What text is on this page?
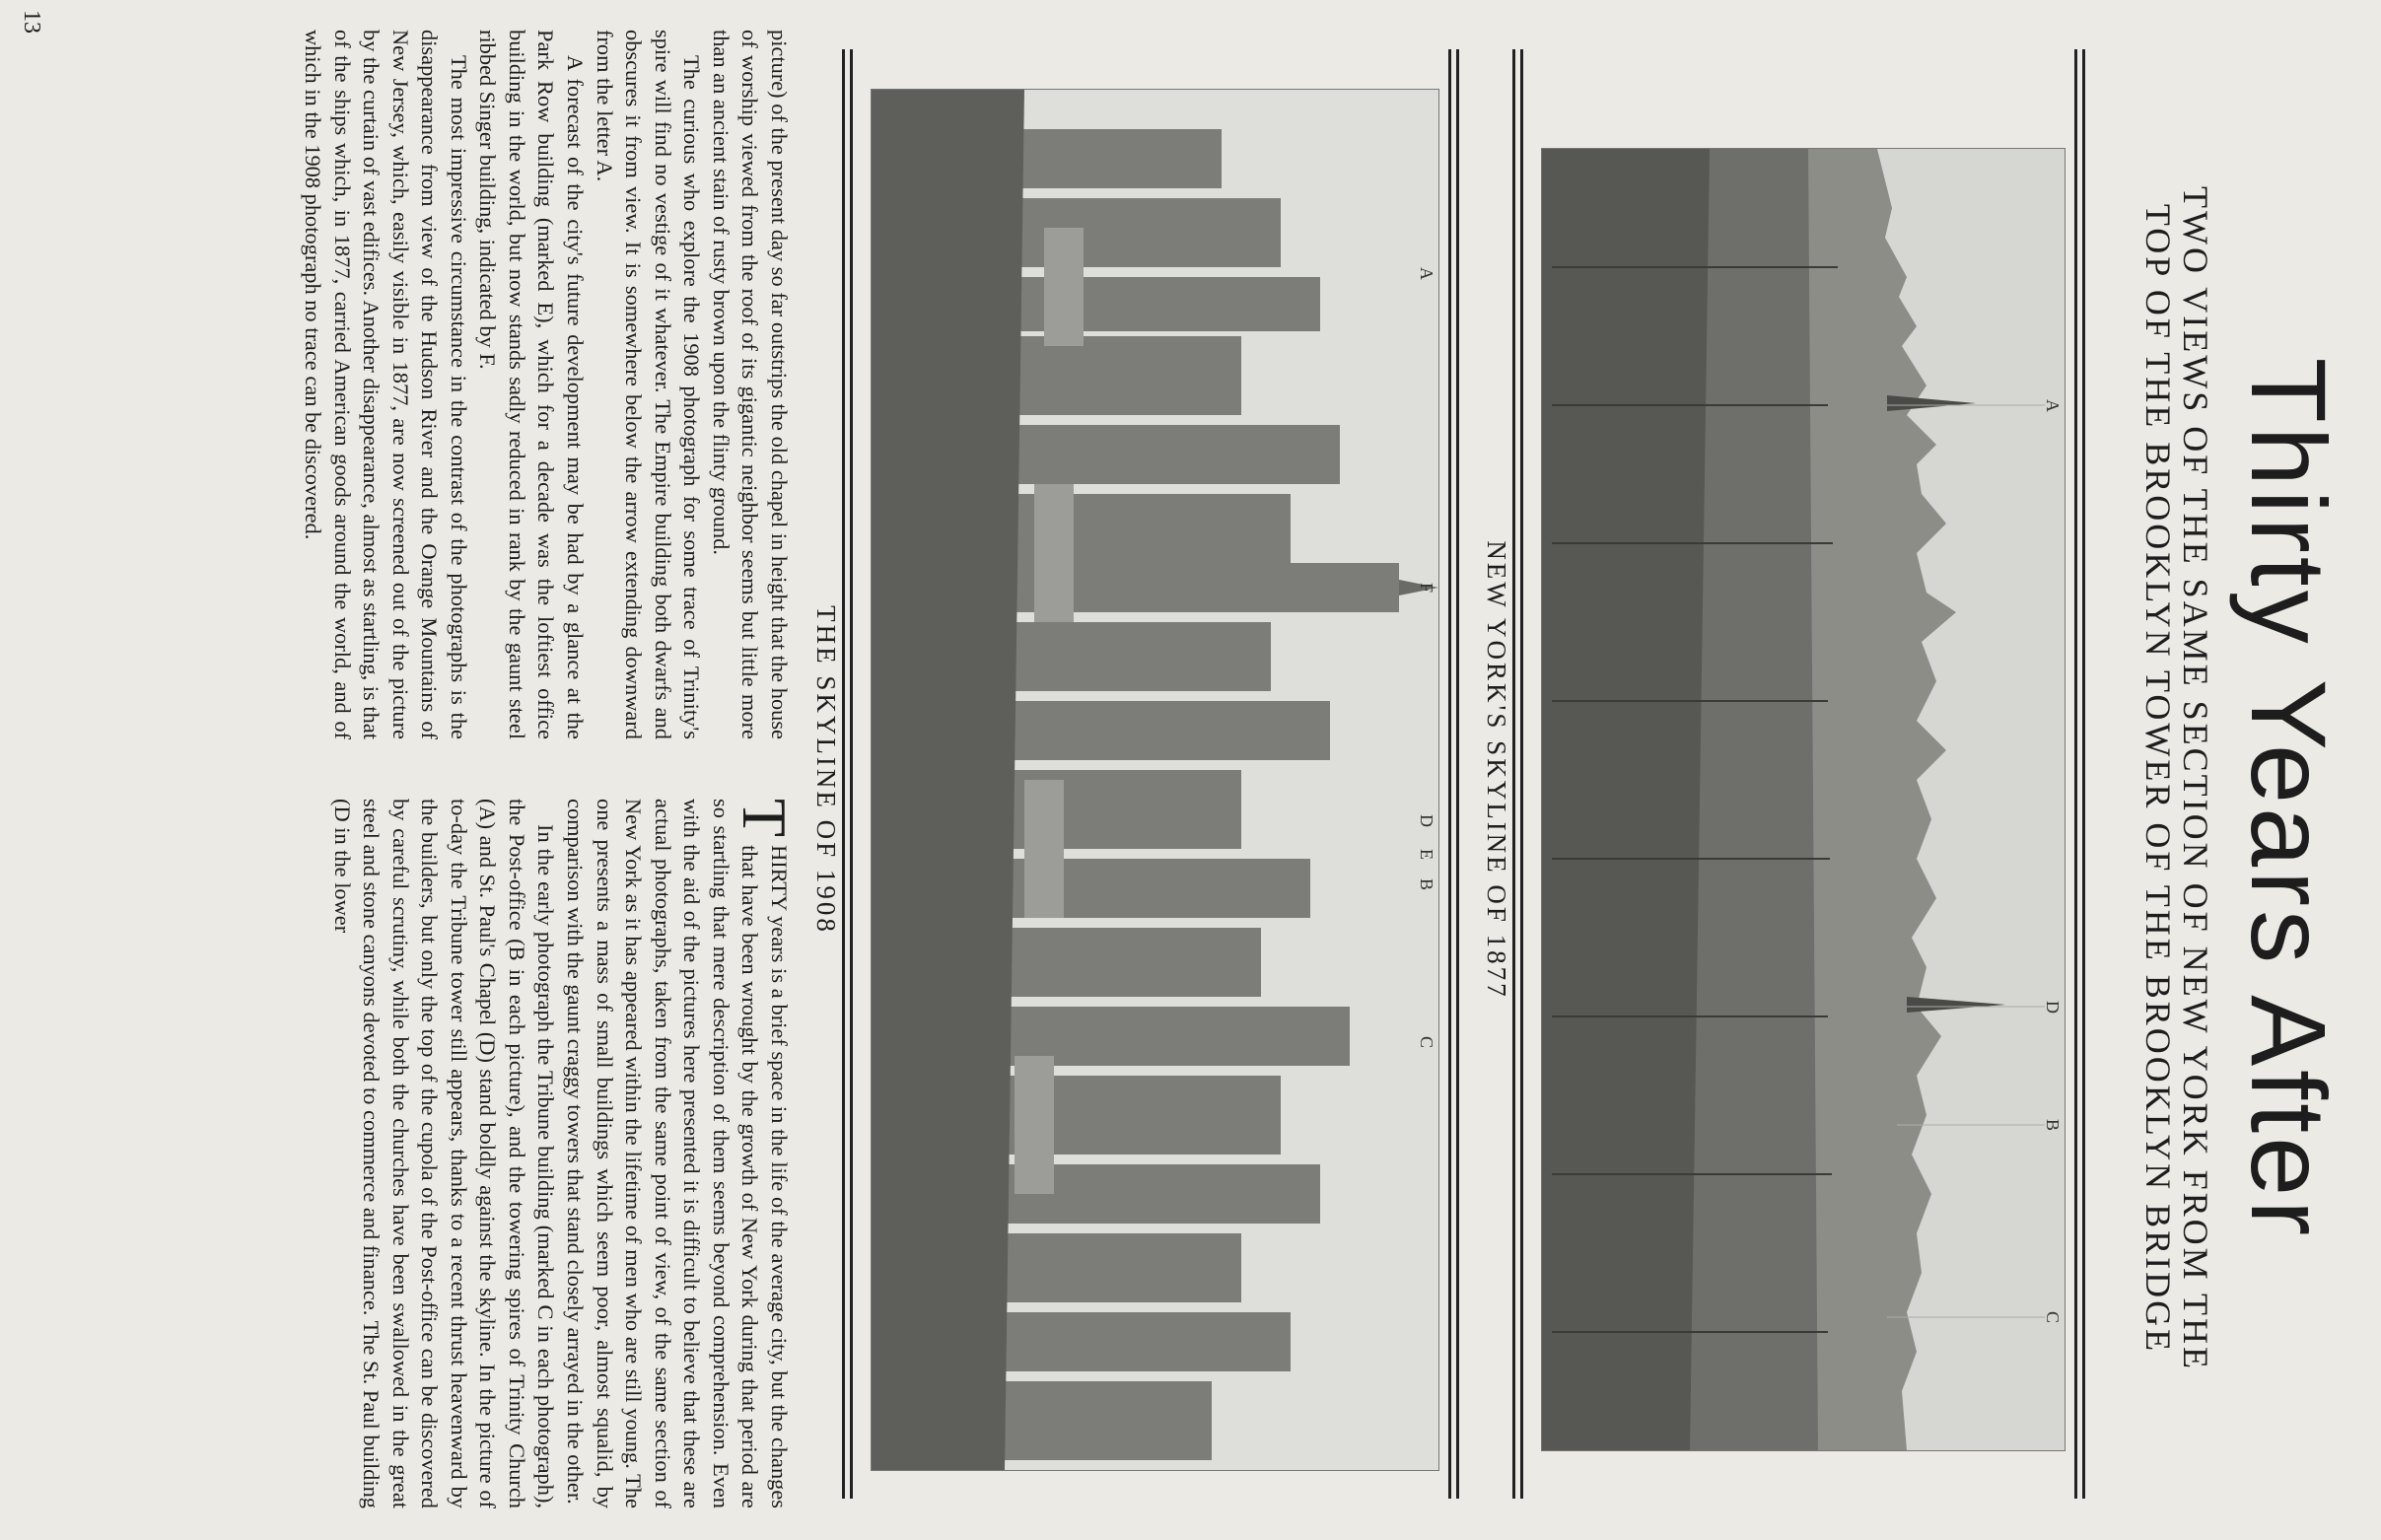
Thirty Years After
TWO VIEWS OF THE SAME SECTION OF NEW YORK FROM THE
TOP OF THE BROOKLYN TOWER OF THE BROOKLYN BRIDGE
A
D
B
C
NEW YORK'S SKYLINE OF 1877
A
F
D
E
B
C
THE SKYLINE OF 1908

picture) of the present day so far outstrips the old chapel in height that the house of worship viewed from the roof of its gigantic neighbor seems but little more than an ancient stain of rusty brown upon the flinty ground.

The curious who explore the 1908 photograph for some trace of Trinity's spire will find no vestige of it whatever. The Empire building both dwarfs and obscures it from view. It is somewhere below the arrow extending downward from the letter A.

A forecast of the city's future development may be had by a glance at the Park Row building (marked E), which for a decade was the loftiest office building in the world, but now stands sadly reduced in rank by the gaunt steel ribbed Singer building, indicated by F.

The most impressive circumstance in the contrast of the photographs is the disappearance from view of the Hudson River and the Orange Mountains of New Jersey, which, easily visible in 1877, are now screened out of the picture by the curtain of vast edifices. Another disappearance, almost as startling, is that of the ships which, in 1877, carried American goods around the world, and of which in the 1908 photograph no trace can be discovered.

T
HIRTY years is a brief space in the life of the average city, but the changes that have been wrought by the growth of New York during that period are so startling that mere description of them seems beyond comprehension. Even with the aid of the pictures here presented it is difficult to believe that these are actual photographs, taken from the same point of view, of the same section of New York as it has appeared within the lifetime of men who are still young. The one presents a mass of small buildings which seem poor, almost squalid, by comparison with the gaunt craggy towers that stand closely arrayed in the other.

In the early photograph the Tribune building (marked C in each photograph), the Post-office (B in each picture), and the towering spires of Trinity Church (A) and St. Paul's Chapel (D) stand boldly against the skyline. In the picture of to-day the Tribune tower still appears, thanks to a recent thrust heavenward by the builders, but only the top of the cupola of the Post-office can be discovered by careful scrutiny, while both the churches have been swallowed in the great steel and stone canyons devoted to commerce and finance. The St. Paul building (D in the lower

13
